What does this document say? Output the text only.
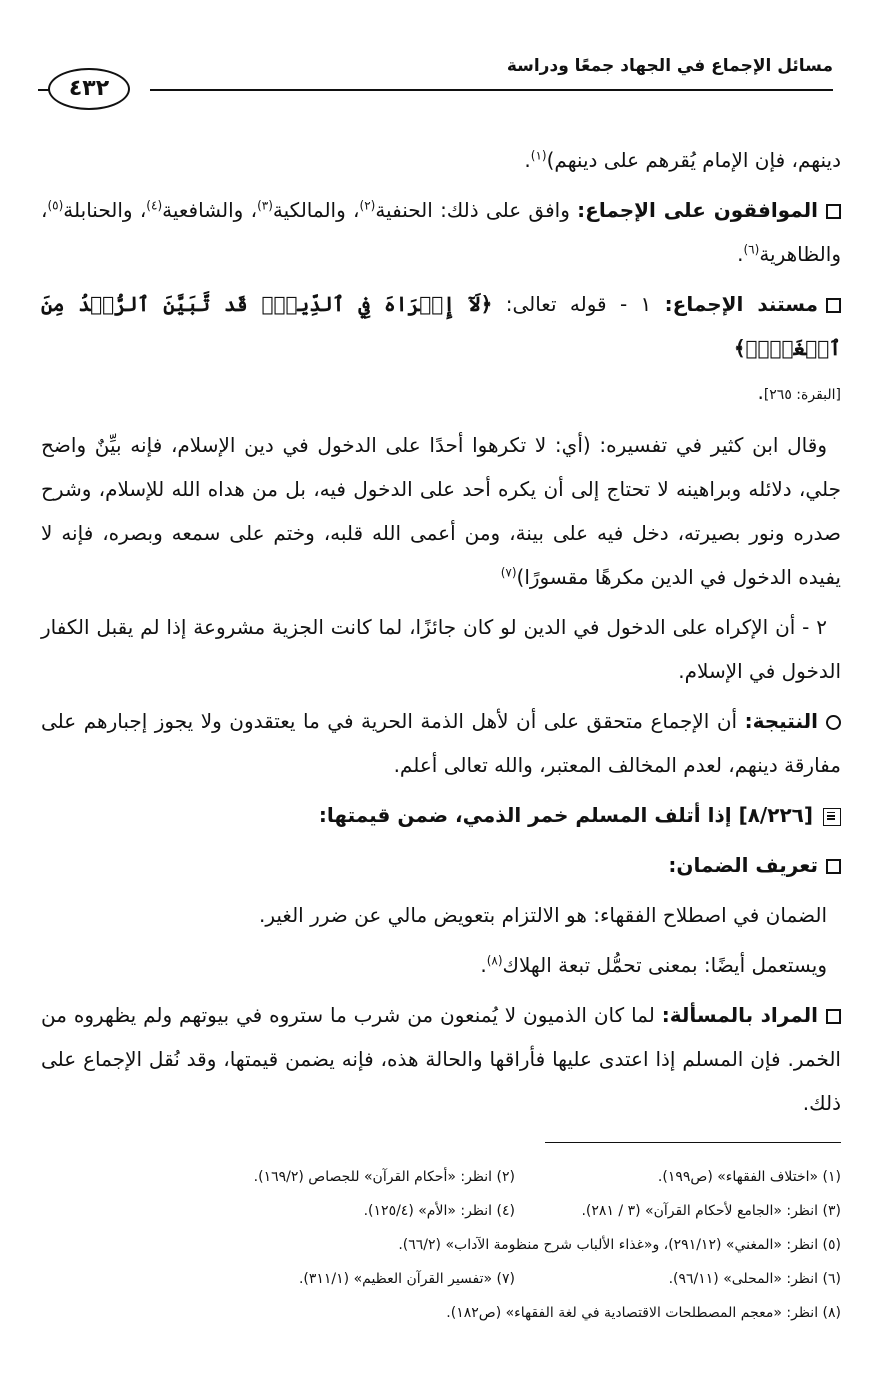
مسائل الإجماع في الجهاد جمعًا ودراسة
٤٣٢

دينهم، فإن الإمام يُقرهم على دينهم)$^{(١)}$.

الموافقون على الإجماع: وافق على ذلك: الحنفية$^{(٢)}$، والمالكية$^{(٣)}$، والشافعية$^{(٤)}$، والحنابلة$^{(٥)}$، والظاهرية$^{(٦)}$.

مستند الإجماع: ١ - قوله تعالى: ﴿لَآ إِكۡرَاهَ فِي ٱلدِّينِۖ قَد تَّبَيَّنَ ٱلرُّشۡدُ مِنَ ٱلۡغَيِّۚ﴾
[البقرة: ٢٦٥].

وقال ابن كثير في تفسيره: (أي: لا تكرهوا أحدًا على الدخول في دين الإسلام، فإنه بيِّنٌ واضح جلي، دلائله وبراهينه لا تحتاج إلى أن يكره أحد على الدخول فيه، بل من هداه الله للإسلام، وشرح صدره ونور بصيرته، دخل فيه على بينة، ومن أعمى الله قلبه، وختم على سمعه وبصره، فإنه لا يفيده الدخول في الدين مكرهًا مقسورًا)$^{(٧)}$

٢ - أن الإكراه على الدخول في الدين لو كان جائزًا، لما كانت الجزية مشروعة إذا لم يقبل الكفار الدخول في الإسلام.

النتيجة: أن الإجماع متحقق على أن لأهل الذمة الحرية في ما يعتقدون ولا يجوز إجبارهم على مفارقة دينهم، لعدم المخالف المعتبر، والله تعالى أعلم.

[٨/٢٢٦] إذا أتلف المسلم خمر الذمي، ضمن قيمتها:

تعريف الضمان:

الضمان في اصطلاح الفقهاء: هو الالتزام بتعويض مالي عن ضرر الغير.

ويستعمل أيضًا: بمعنى تحمُّل تبعة الهلاك$^{(٨)}$.

المراد بالمسألة: لما كان الذميون لا يُمنعون من شرب ما ستروه في بيوتهم ولم يظهروه من الخمر. فإن المسلم إذا اعتدى عليها فأراقها والحالة هذه، فإنه يضمن قيمتها، وقد نُقل الإجماع على ذلك.

(١) «اختلاف الفقهاء» (ص١٩٩).
(٢) انظر: «أحكام القرآن» للجصاص (١٦٩/٢).
(٣) انظر: «الجامع لأحكام القرآن» (٣ / ٢٨١).
(٤) انظر: «الأم» (١٢٥/٤).
(٥) انظر: «المغني» (٢٩١/١٢)، و«غذاء الألباب شرح منظومة الآداب» (٦٦/٢).
(٦) انظر: «المحلى» (٩٦/١١).
(٧) «تفسير القرآن العظيم» (٣١١/١).
(٨) انظر: «معجم المصطلحات الاقتصادية في لغة الفقهاء» (ص١٨٢).
